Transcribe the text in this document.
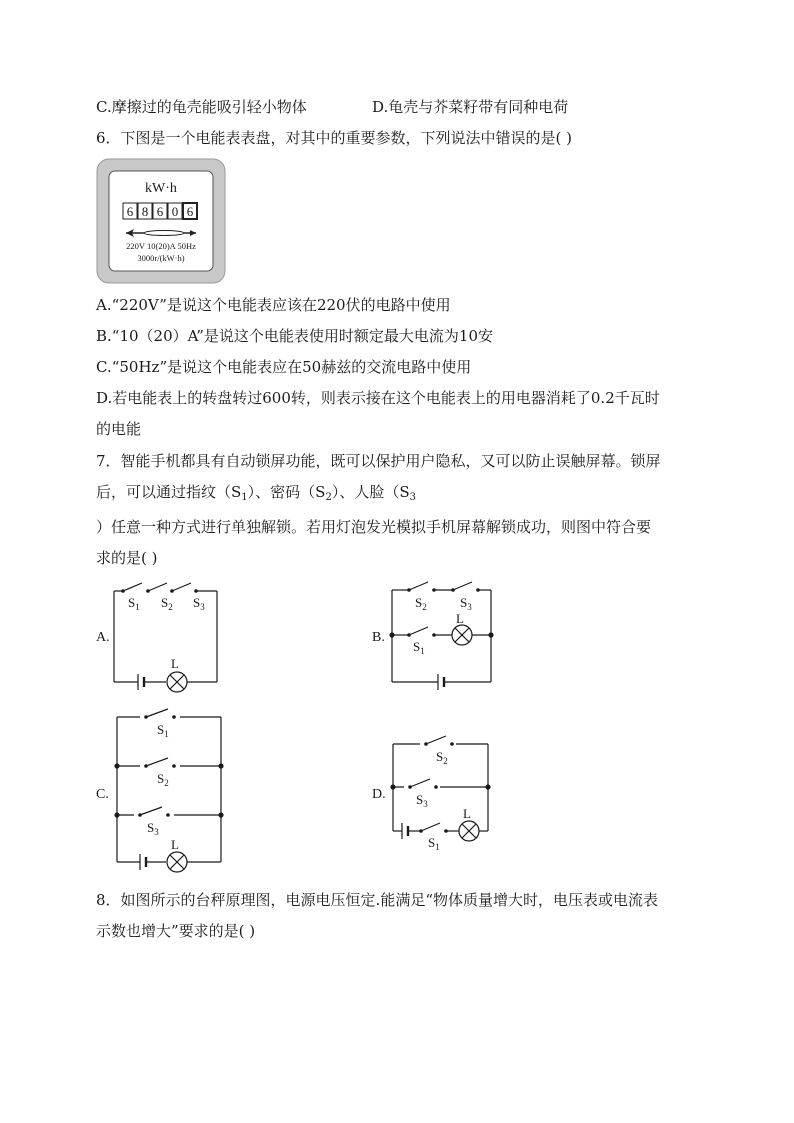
C.摩擦过的龟壳能吸引轻小物体	D.龟壳与芥菜籽带有同种电荷
6．下图是一个电能表表盘，对其中的重要参数，下列说法中错误的是( )
kW·h
6 8 6 0 6
220V 10(20)A 50Hz
3000r/(kW·h)
A.“220V”是说这个电能表应该在220伏的电路中使用
B.“10（20）A”是说这个电能表使用时额定最大电流为10安
C.“50Hz”是说这个电能表应在50赫兹的交流电路中使用
D.若电能表上的转盘转过600转，则表示接在这个电能表上的用电器消耗了0.2千瓦时
的电能
7．智能手机都具有自动锁屏功能，既可以保护用户隐私，又可以防止误触屏幕。锁屏
后，可以通过指纹$(S_1)$、密码$(S_2)$、人脸（$S_3$
）任意一种方式进行单独解锁。若用灯泡发光模拟手机屏幕解锁成功，则图中符合要
求的是( )
A.
$S_1$ $S_2$ $S_3$
L
B.
$S_2$	$S_3$
L
$S_1$
C.
$S_1$
$S_2$
$S_3$
L
D.
$S_2$
$S_3$
L
$S_1$
8．如图所示的台秤原理图，电源电压恒定.能满足“物体质量增大时，电压表或电流表
示数也增大”要求的是( )
